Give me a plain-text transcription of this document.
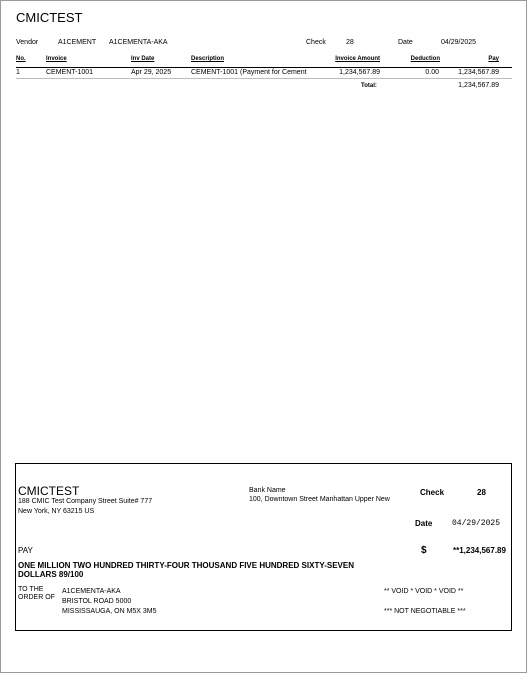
CMICTEST
Vendor	A1CEMENT A1CEMENTA-AKA	Check	28	Date	04/29/2025
No.	Invoice	Inv Date	Description	Invoice Amount	Deduction	Pay
1	CEMENT-1001	Apr 29, 2025	CEMENT-1001 (Payment for Cement	1,234,567.89	0.00	1,234,567.89
Total:	1,234,567.89
CMICTEST
188 CMIC Test Company Street Suite# 777
New York, NY 63215 US
Bank Name
100, Downtown Street Manhattan Upper New
Check	28
Date 04/29/2025
PAY	$	**1,234,567.89
ONE MILLION TWO HUNDRED THIRTY-FOUR THOUSAND FIVE HUNDRED SIXTY-SEVEN
DOLLARS 89/100
TO THE
ORDER OF
A1CEMENTA-AKA
BRISTOL ROAD 5000
MISSISSAUGA, ON M5X 3M5
** VOID * VOID * VOID **
*** NOT NEGOTIABLE ***
